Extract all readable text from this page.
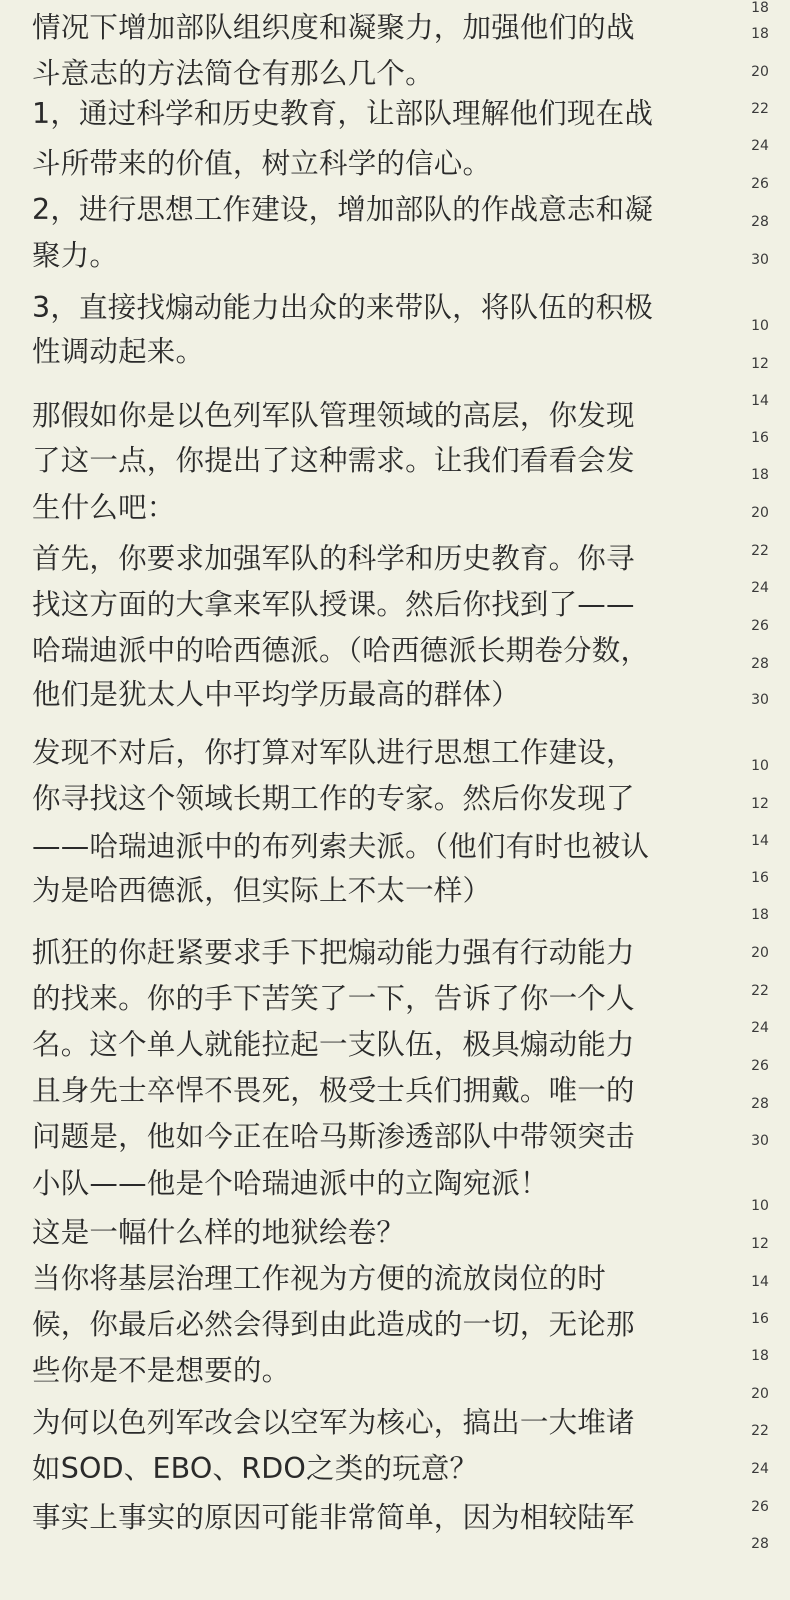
情况下增加部队组织度和凝聚力，加强他们的战
斗意志的方法简仓有那么几个。
1，通过科学和历史教育，让部队理解他们现在战
斗所带来的价值，树立科学的信心。
2，进行思想工作建设，增加部队的作战意志和凝
聚力。
3，直接找煽动能力出众的来带队，将队伍的积极
性调动起来。
那假如你是以色列军队管理领域的高层，你发现
了这一点，你提出了这种需求。让我们看看会发
生什么吧：
首先，你要求加强军队的科学和历史教育。你寻
找这方面的大拿来军队授课。然后你找到了——
哈瑞迪派中的哈西德派。（哈西德派长期卷分数，
他们是犹太人中平均学历最高的群体）
发现不对后，你打算对军队进行思想工作建设，
你寻找这个领域长期工作的专家。然后你发现了
——哈瑞迪派中的布列索夫派。（他们有时也被认
为是哈西德派，但实际上不太一样）
抓狂的你赶紧要求手下把煽动能力强有行动能力
的找来。你的手下苦笑了一下，告诉了你一个人
名。这个单人就能拉起一支队伍，极具煽动能力
且身先士卒悍不畏死，极受士兵们拥戴。唯一的
问题是，他如今正在哈马斯渗透部队中带领突击
小队——他是个哈瑞迪派中的立陶宛派！
这是一幅什么样的地狱绘卷？
当你将基层治理工作视为方便的流放岗位的时
候，你最后必然会得到由此造成的一切，无论那
些你是不是想要的。
为何以色列军改会以空军为核心，搞出一大堆诸
如SOD、EBO、RDO之类的玩意？
事实上事实的原因可能非常简单，因为相较陆军
18
18
20
22
24
26
28
30
10
12
14
16
18
20
22
24
26
28
30
10
12
14
16
18
20
22
24
26
28
30
10
12
14
16
18
20
22
24
26
28
